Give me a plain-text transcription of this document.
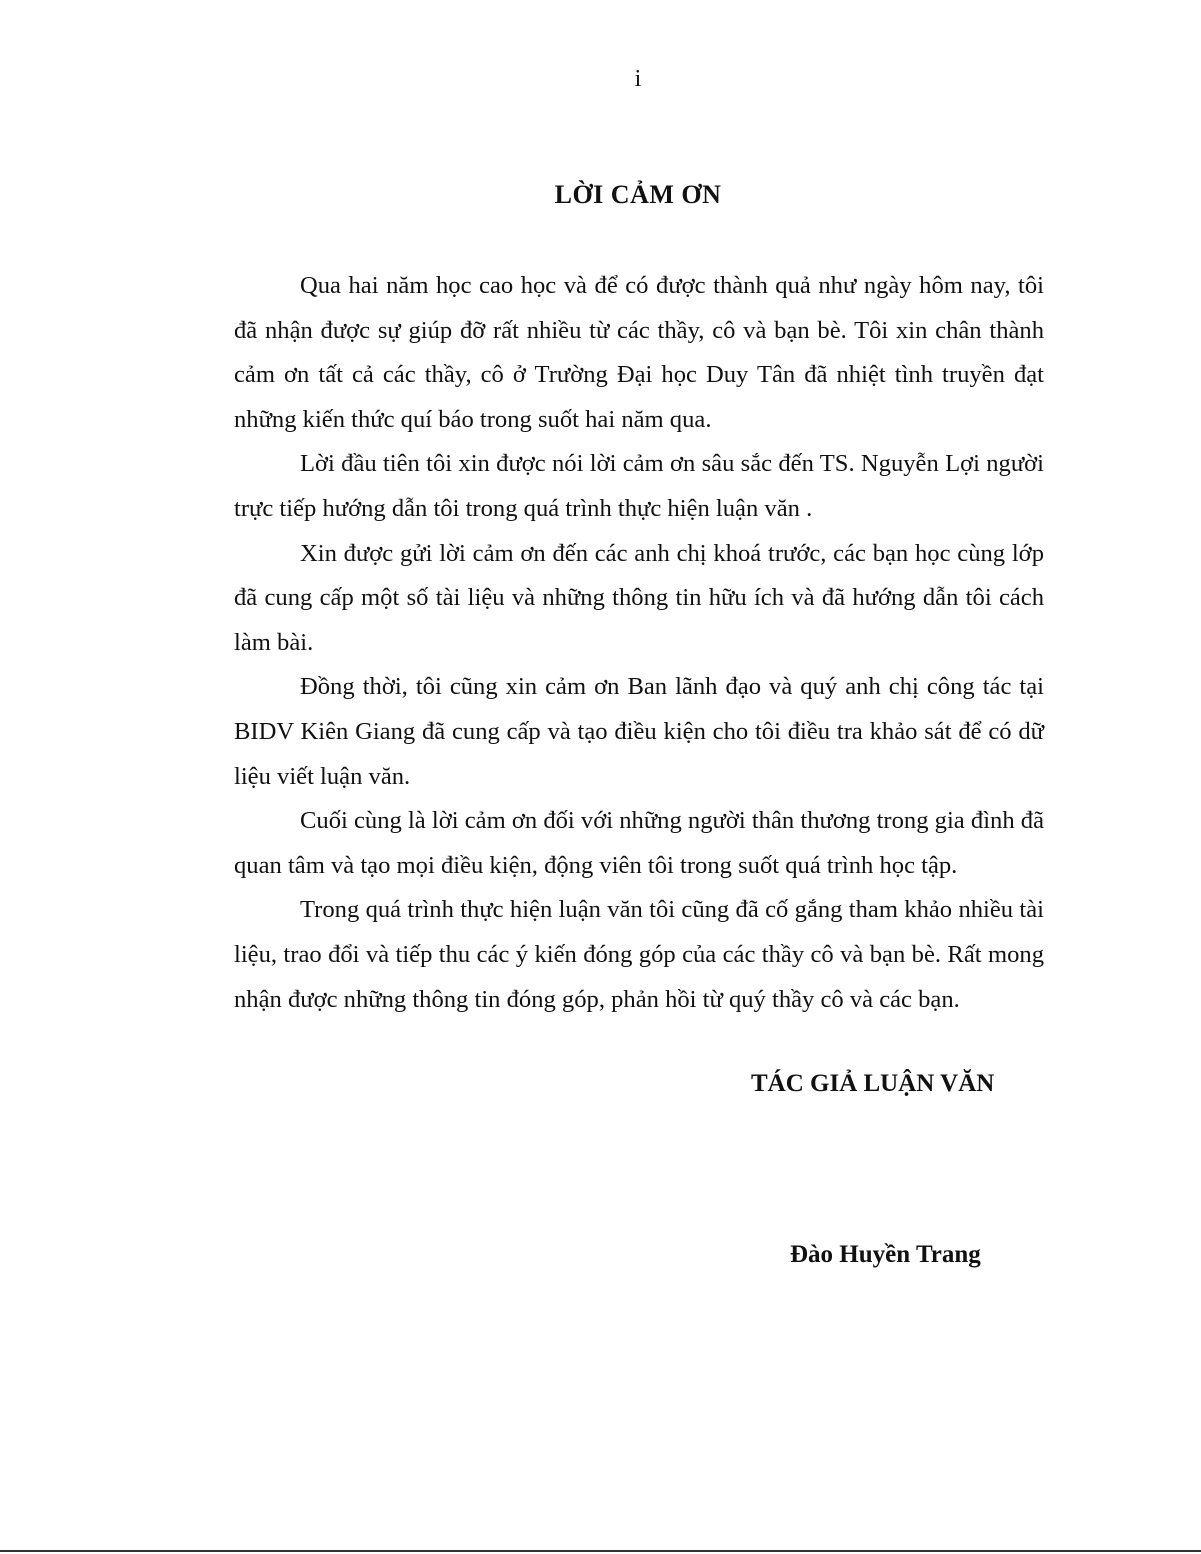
i
LỜI CẢM ƠN

Qua hai năm học cao học và để có được thành quả như ngày hôm nay, tôi đã nhận được sự giúp đỡ rất nhiều từ các thầy, cô và bạn bè. Tôi xin chân thành cảm ơn tất cả các thầy, cô ở Trường Đại học Duy Tân đã nhiệt tình truyền đạt những kiến thức quí báo trong suốt hai năm qua.

Lời đầu tiên tôi xin được nói lời cảm ơn sâu sắc đến TS. Nguyễn Lợi người trực tiếp hướng dẫn tôi trong quá trình thực hiện luận văn .

Xin được gửi lời cảm ơn đến các anh chị khoá trước, các bạn học cùng lớp đã cung cấp một số tài liệu và những thông tin hữu ích và đã hướng dẫn tôi cách làm bài.

Đồng thời, tôi cũng xin cảm ơn Ban lãnh đạo và quý anh chị công tác tại BIDV Kiên Giang đã cung cấp và tạo điều kiện cho tôi điều tra khảo sát để có dữ liệu viết luận văn.

Cuối cùng là lời cảm ơn đối với những người thân thương trong gia đình đã quan tâm và tạo mọi điều kiện, động viên tôi trong suốt quá trình học tập.

Trong quá trình thực hiện luận văn tôi cũng đã cố gắng tham khảo nhiều tài liệu, trao đổi và tiếp thu các ý kiến đóng góp của các thầy cô và bạn bè. Rất mong nhận được những thông tin đóng góp, phản hồi từ quý thầy cô và các bạn.

TÁC GIẢ LUẬN VĂN
Đào Huyền Trang
